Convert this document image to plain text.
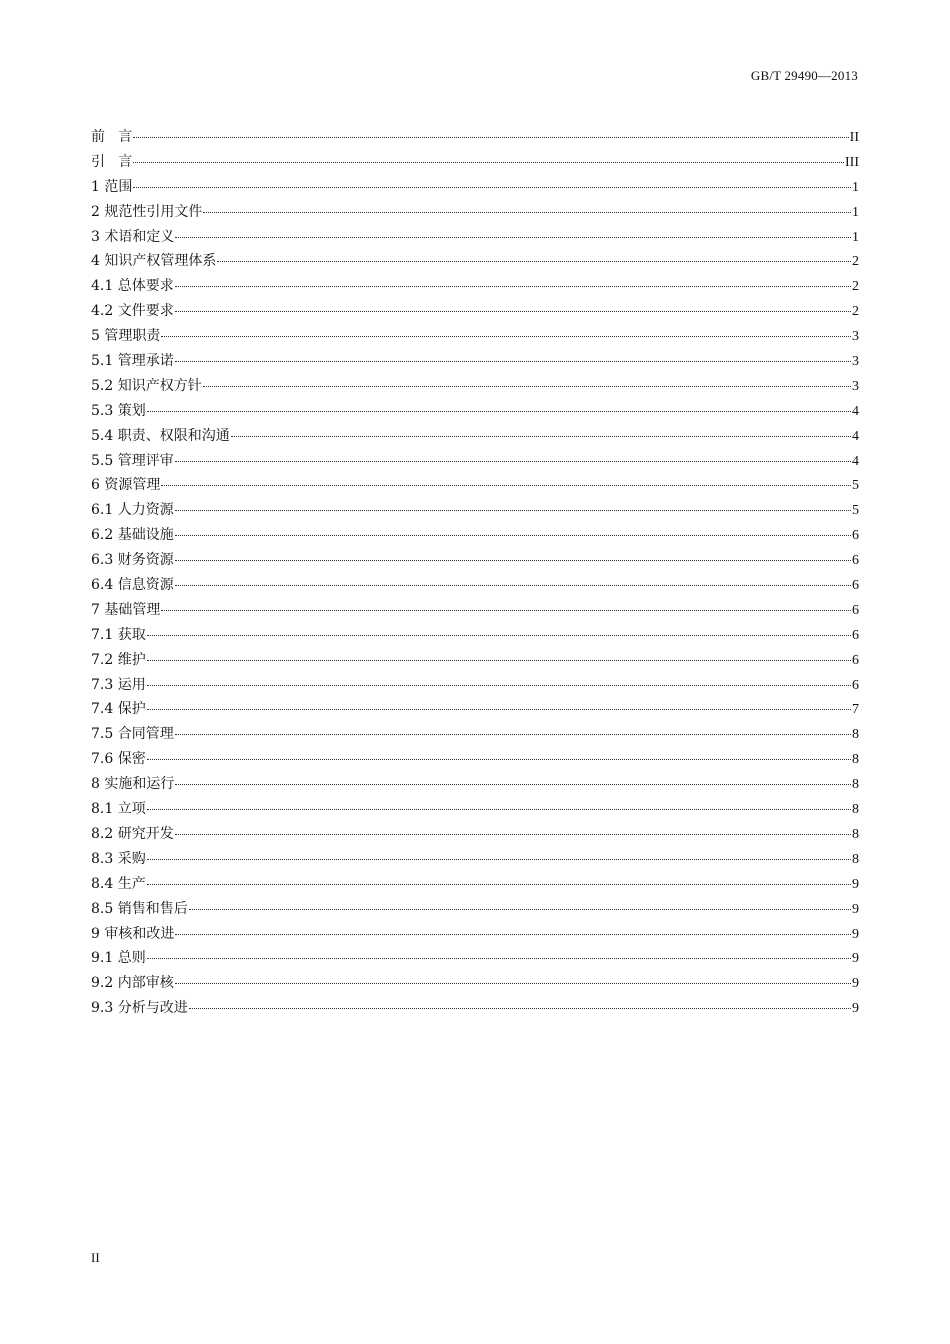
GB/T 29490—2013
前言	II
引言	III
1 范围	1
2 规范性引用文件	1
3 术语和定义	1
4 知识产权管理体系	2
4.1 总体要求	2
4.2 文件要求	2
5 管理职责	3
5.1 管理承诺	3
5.2 知识产权方针	3
5.3 策划	4
5.4 职责、权限和沟通	4
5.5 管理评审	4
6 资源管理	5
6.1 人力资源	5
6.2 基础设施	6
6.3 财务资源	6
6.4 信息资源	6
7 基础管理	6
7.1 获取	6
7.2 维护	6
7.3 运用	6
7.4 保护	7
7.5 合同管理	8
7.6 保密	8
8 实施和运行	8
8.1 立项	8
8.2 研究开发	8
8.3 采购	8
8.4 生产	9
8.5 销售和售后	9
9 审核和改进	9
9.1 总则	9
9.2 内部审核	9
9.3 分析与改进	9
II
